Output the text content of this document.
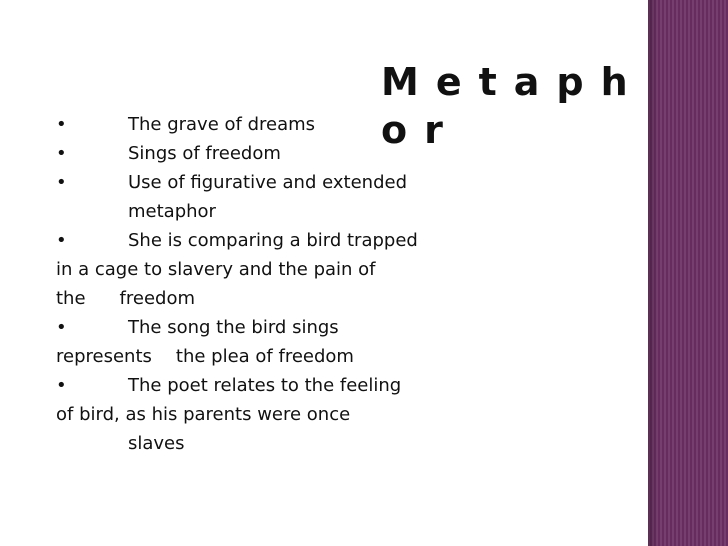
Metaphor
•	The grave of dreams
•	Sings of freedom
•	Use of figurative and extended
metaphor
•	She is comparing a bird trapped
in a cage to slavery and the pain of
the freedom
•	The song the bird sings
represents the plea of freedom
•	The poet relates to the feeling
of bird, as his parents were once
slaves
